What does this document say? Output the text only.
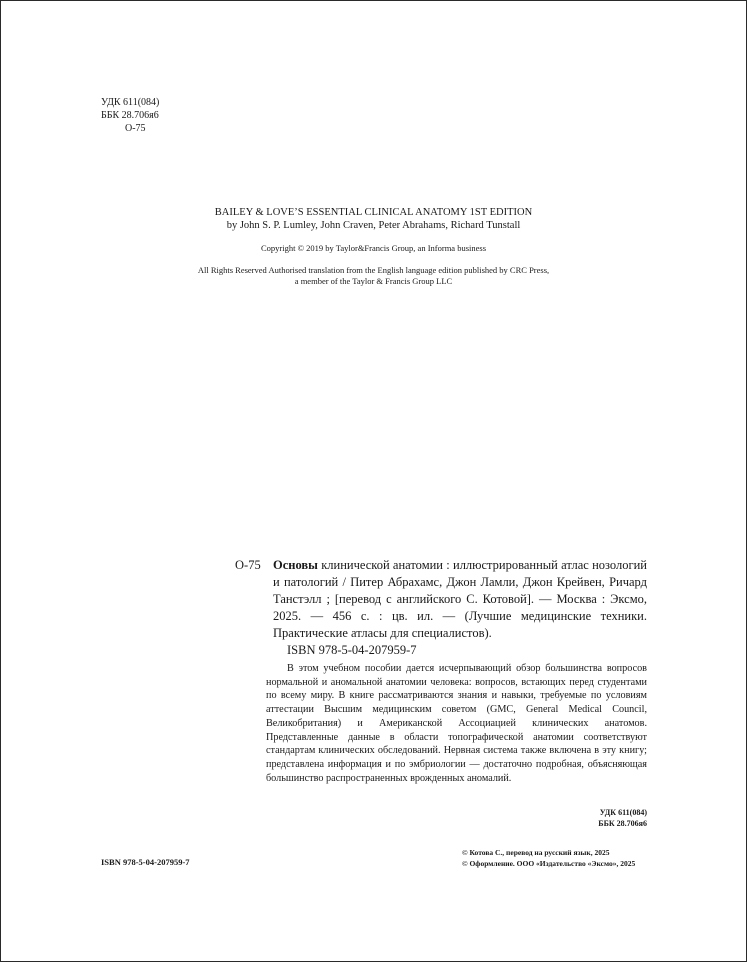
УДК 611(084)
ББК 28.706я6
О-75
BAILEY & LOVE’S ESSENTIAL CLINICAL ANATOMY 1ST EDITION
by John S. P. Lumley, John Craven, Peter Abrahams, Richard Tunstall
Copyright © 2019 by Taylor&Francis Group, an Informa business
All Rights Reserved Authorised translation from the English language edition published by CRC Press,
a member of the Taylor & Francis Group LLC
О-75 Основы клинической анатомии : иллюстрированный атлас нозологий и патологий / Питер Абрахамс, Джон Ламли, Джон Крейвен, Ричард Танстэлл ; [перевод с английского С. Котовой]. — Москва : Эксмо, 2025. — 456 с. : цв. ил. — (Лучшие медицинские техники. Практические атласы для специалистов).
ISBN 978-5-04-207959-7
В этом учебном пособии дается исчерпывающий обзор большинства вопросов нормальной и аномальной анатомии человека: вопросов, встающих перед студентами по всему миру. В книге рассматриваются знания и навыки, требуемые по условиям аттестации Высшим медицинским советом (GMC, General Medical Council, Великобритания) и Американской Ассоциацией клинических анатомов. Представленные данные в области топографической анатомии соответствуют стандартам клинических обследований. Нервная система также включена в эту книгу; представлена информация и по эмбриологии — достаточно подробная, объясняющая большинство распространенных врожденных аномалий.
УДК 611(084)
ББК 28.706я6
ISBN 978-5-04-207959-7
© Котова С., перевод на русский язык, 2025
© Оформление. ООО «Издательство «Эксмо», 2025
